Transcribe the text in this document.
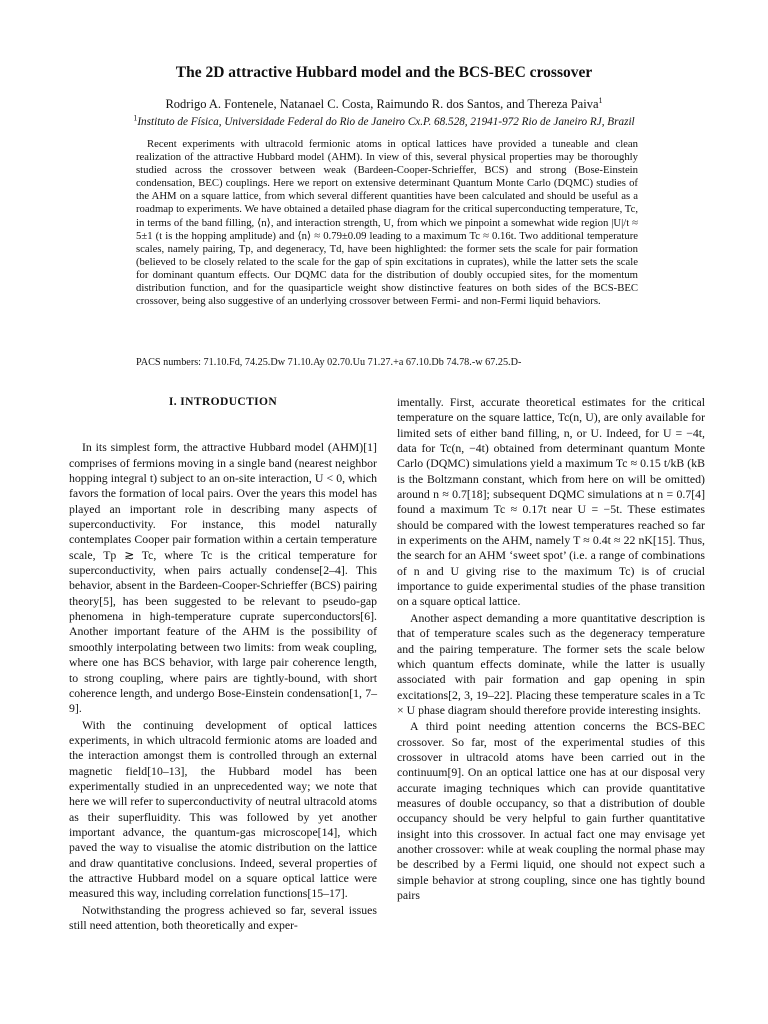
The 2D attractive Hubbard model and the BCS-BEC crossover
Rodrigo A. Fontenele, Natanael C. Costa, Raimundo R. dos Santos, and Thereza Paiva$^1$
$^1$Instituto de Física, Universidade Federal do Rio de Janeiro Cx.P. 68.528, 21941-972 Rio de Janeiro RJ, Brazil
Recent experiments with ultracold fermionic atoms in optical lattices have provided a tuneable and clean realization of the attractive Hubbard model (AHM). In view of this, several physical properties may be thoroughly studied across the crossover between weak (Bardeen-Cooper-Schrieffer, BCS) and strong (Bose-Einstein condensation, BEC) couplings. Here we report on extensive determinant Quantum Monte Carlo (DQMC) studies of the AHM on a square lattice, from which several different quantities have been calculated and should be useful as a roadmap to experiments. We have obtained a detailed phase diagram for the critical superconducting temperature, Tc, in terms of the band filling, ⟨n⟩, and interaction strength, U, from which we pinpoint a somewhat wide region |U|/t ≈ 5±1 (t is the hopping amplitude) and ⟨n⟩ ≈ 0.79±0.09 leading to a maximum Tc ≈ 0.16t. Two additional temperature scales, namely pairing, Tp, and degeneracy, Td, have been highlighted: the former sets the scale for pair formation (believed to be closely related to the scale for the gap of spin excitations in cuprates), while the latter sets the scale for dominant quantum effects. Our DQMC data for the distribution of doubly occupied sites, for the momentum distribution function, and for the quasiparticle weight show distinctive features on both sides of the BCS-BEC crossover, being also suggestive of an underlying crossover between Fermi- and non-Fermi liquid behaviors.
PACS numbers: 71.10.Fd, 74.25.Dw 71.10.Ay 02.70.Uu 71.27.+a 67.10.Db 74.78.-w 67.25.D-
I. INTRODUCTION

In its simplest form, the attractive Hubbard model (AHM)[1] comprises of fermions moving in a single band (nearest neighbor hopping integral t) subject to an on-site interaction, U < 0, which favors the formation of local pairs. Over the years this model has played an important role in describing many aspects of superconductivity. For instance, this model naturally contemplates Cooper pair formation within a certain temperature scale, Tp ≳ Tc, where Tc is the critical temperature for superconductivity, when pairs actually condense[2–4]. This behavior, absent in the Bardeen-Cooper-Schrieffer (BCS) pairing theory[5], has been suggested to be relevant to pseudo-gap phenomena in high-temperature cuprate superconductors[6]. Another important feature of the AHM is the possibility of smoothly interpolating between two limits: from weak coupling, where one has BCS behavior, with large pair coherence length, to strong coupling, where pairs are tightly-bound, with short coherence length, and undergo Bose-Einstein condensation[1, 7–9].

With the continuing development of optical lattices experiments, in which ultracold fermionic atoms are loaded and the interaction amongst them is controlled through an external magnetic field[10–13], the Hubbard model has been experimentally studied in an unprecedented way; we note that here we will refer to superconductivity of neutral ultracold atoms as their superfluidity. This was followed by yet another important advance, the quantum-gas microscope[14], which paved the way to visualise the atomic distribution on the lattice and draw quantitative conclusions. Indeed, several properties of the attractive Hubbard model on a square optical lattice were measured this way, including correlation functions[15–17].

Notwithstanding the progress achieved so far, several issues still need attention, both theoretically and exper-

imentally. First, accurate theoretical estimates for the critical temperature on the square lattice, Tc(n, U), are only available for limited sets of either band filling, n, or U. Indeed, for U = −4t, data for Tc(n, −4t) obtained from determinant quantum Monte Carlo (DQMC) simulations yield a maximum Tc ≈ 0.15 t/kB (kB is the Boltzmann constant, which from here on will be omitted) around n ≈ 0.7[18]; subsequent DQMC simulations at n = 0.7[4] found a maximum Tc ≈ 0.17t near U = −5t. These estimates should be compared with the lowest temperatures reached so far in experiments on the AHM, namely T ≈ 0.4t ≈ 22 nK[15]. Thus, the search for an AHM ‘sweet spot’ (i.e. a range of combinations of n and U giving rise to the maximum Tc) is of crucial importance to guide experimental studies of the phase transition on a square optical lattice.

Another aspect demanding a more quantitative description is that of temperature scales such as the degeneracy temperature and the pairing temperature. The former sets the scale below which quantum effects dominate, while the latter is usually associated with pair formation and gap opening in spin excitations[2, 3, 19–22]. Placing these temperature scales in a Tc × U phase diagram should therefore provide interesting insights.

A third point needing attention concerns the BCS-BEC crossover. So far, most of the experimental studies of this crossover in ultracold atoms have been carried out in the continuum[9]. On an optical lattice one has at our disposal very accurate imaging techniques which can provide quantitative measures of double occupancy, so that a distribution of double occupancy should be very helpful to gain further quantitative insight into this crossover. In actual fact one may envisage yet another crossover: while at weak coupling the normal phase may be described by a Fermi liquid, one should not expect such a simple behavior at strong coupling, since one has tightly bound pairs
